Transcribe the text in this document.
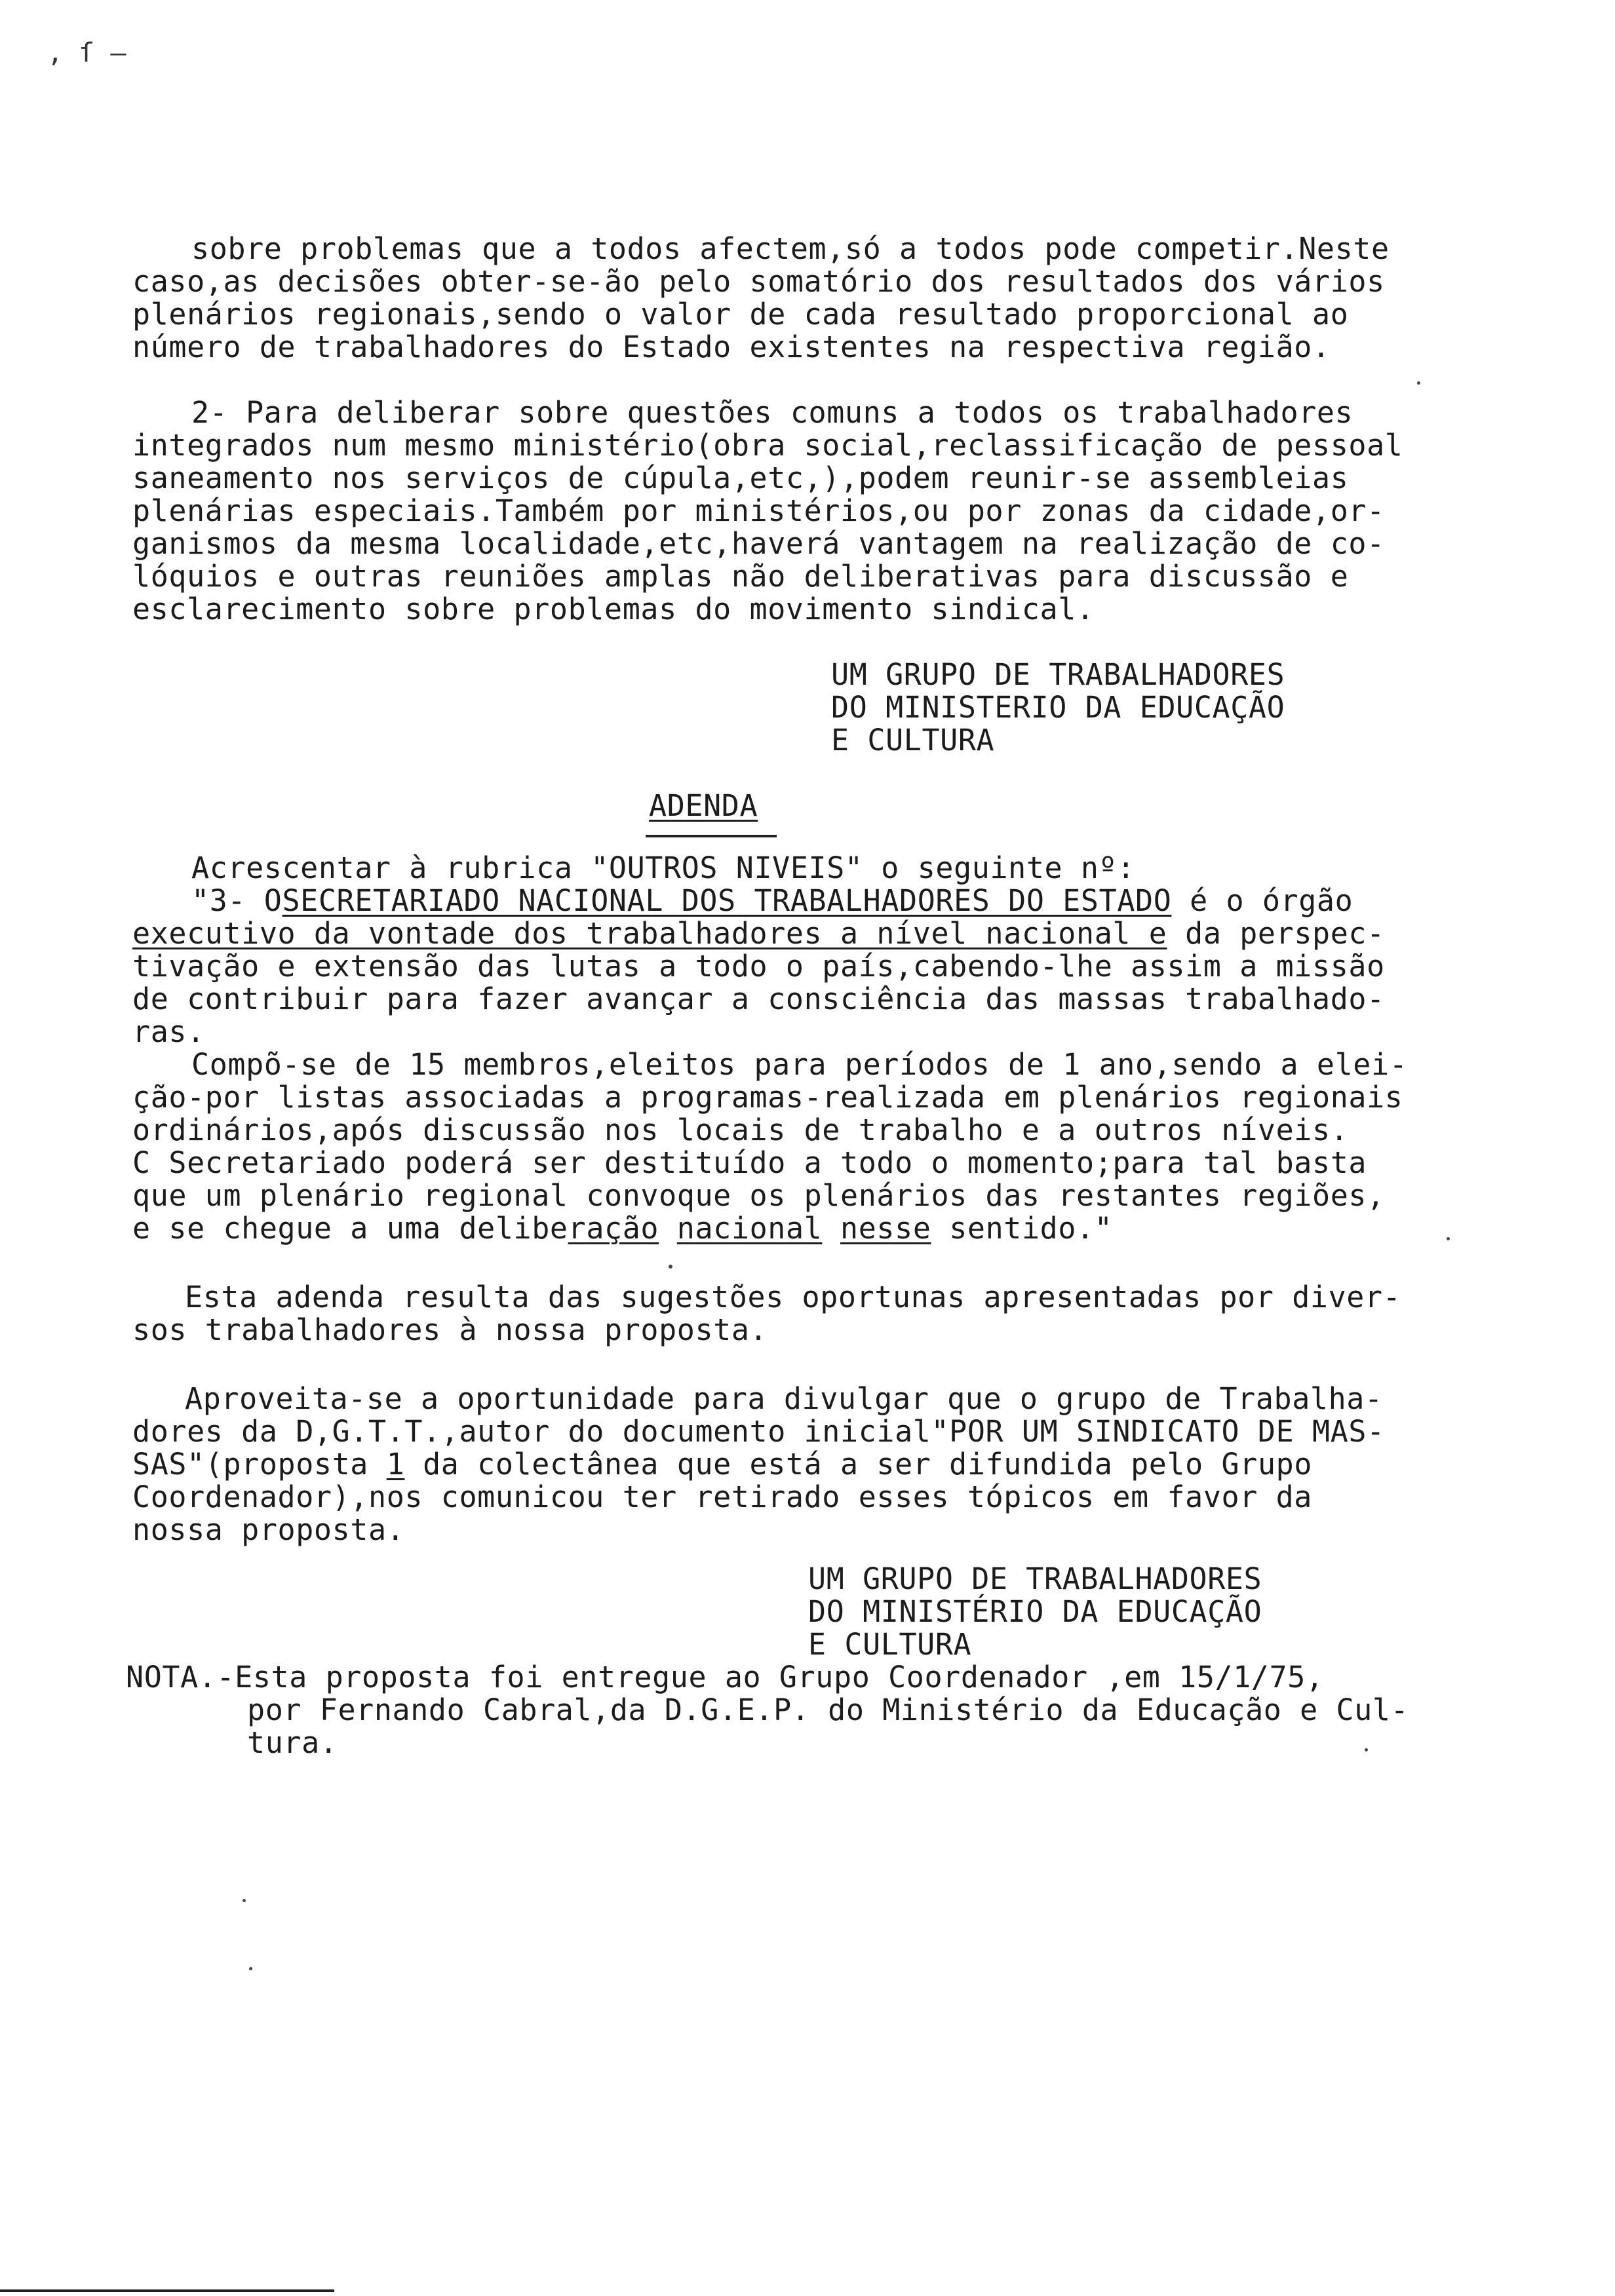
, ſ —
sobre problemas que a todos afectem,só a todos pode competir.Neste
caso,as decisões obter-se-ão pelo somatório dos resultados dos vários
plenários regionais,sendo o valor de cada resultado proporcional ao
número de trabalhadores do Estado existentes na respectiva região.
2- Para deliberar sobre questões comuns a todos os trabalhadores
integrados num mesmo ministério(obra social,reclassificação de pessoal
saneamento nos serviços de cúpula,etc,),podem reunir-se assembleias
plenárias especiais.Também por ministérios,ou por zonas da cidade,or-
ganismos da mesma localidade,etc,haverá vantagem na realização de co-
lóquios e outras reuniões amplas não deliberativas para discussão e
esclarecimento sobre problemas do movimento sindical.
UM GRUPO DE TRABALHADORES
DO MINISTERIO DA EDUCAÇÃO
E CULTURA
ADENDA
Acrescentar à rubrica "OUTROS NIVEIS" o seguinte nº:
"3- OSECRETARIADO NACIONAL DOS TRABALHADORES DO ESTADO é o órgão
executivo da vontade dos trabalhadores a nível nacional e da perspec-
tivação e extensão das lutas a todo o país,cabendo-lhe assim a missão
de contribuir para fazer avançar a consciência das massas trabalhado-
ras.
Compõ-se de 15 membros,eleitos para períodos de 1 ano,sendo a elei-
ção-por listas associadas a programas-realizada em plenários regionais
ordinários,após discussão nos locais de trabalho e a outros níveis.
C Secretariado poderá ser destituído a todo o momento;para tal basta
que um plenário regional convoque os plenários das restantes regiões,
e se chegue a uma deliberação nacional nesse sentido."
Esta adenda resulta das sugestões oportunas apresentadas por diver-
sos trabalhadores à nossa proposta.
Aproveita-se a oportunidade para divulgar que o grupo de Trabalha-
dores da D,G.T.T.,autor do documento inicial"POR UM SINDICATO DE MAS-
SAS"(proposta 1 da colectânea que está a ser difundida pelo Grupo
Coordenador),nos comunicou ter retirado esses tópicos em favor da
nossa proposta.
UM GRUPO DE TRABALHADORES
DO MINISTÉRIO DA EDUCAÇÃO
E CULTURA
NOTA.-Esta proposta foi entregue ao Grupo Coordenador ,em 15/1/75,
por Fernando Cabral,da D.G.E.P. do Ministério da Educação e Cul-
tura.
